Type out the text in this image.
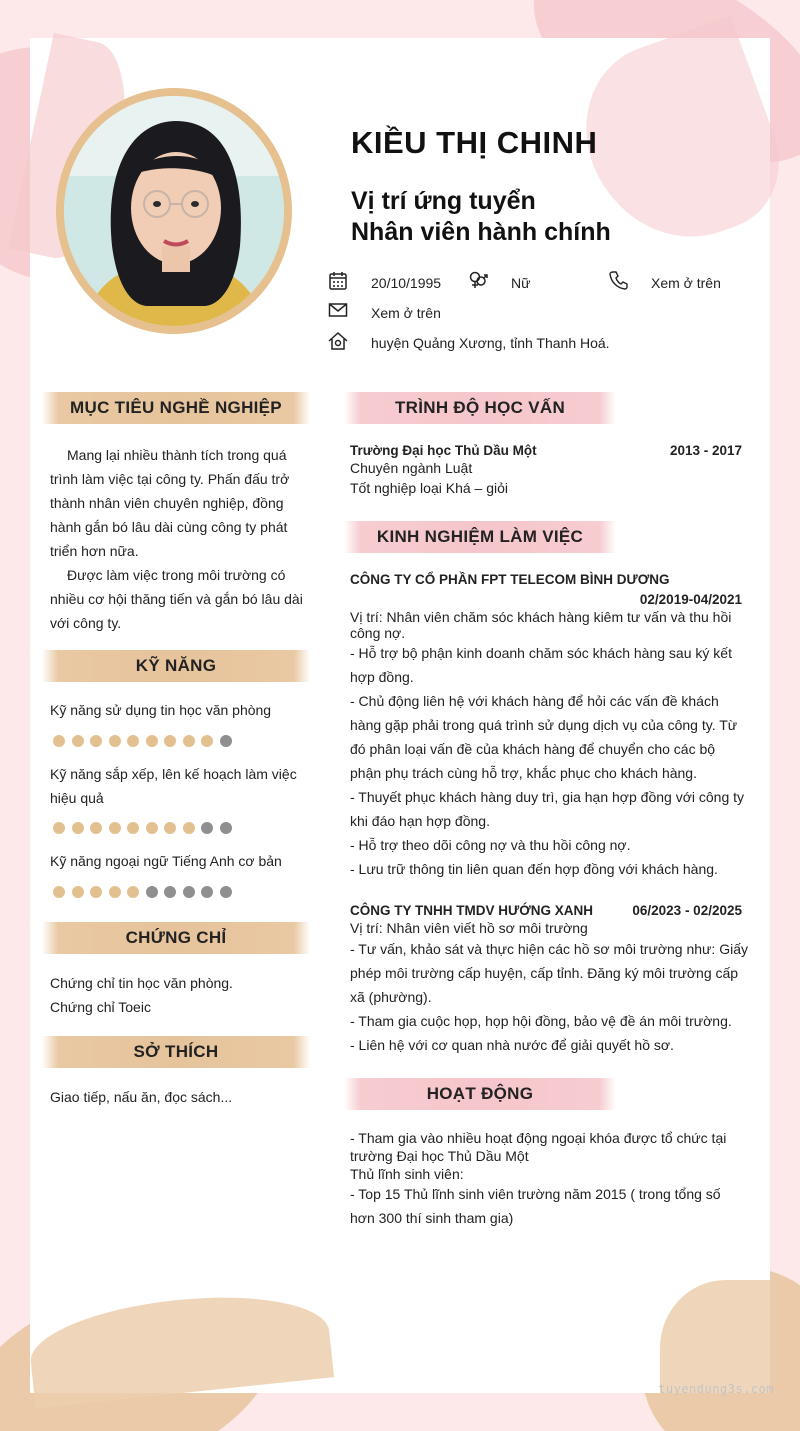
KIỀU THỊ CHINH
Vị trí ứng tuyển
Nhân viên hành chính
20/10/1995	Nữ	Xem ở trên
Xem ở trên
huyện Quảng Xương, tỉnh Thanh Hoá.
MỤC TIÊU NGHỀ NGHIỆP
Mang lại nhiều thành tích trong quá
trình làm việc tại công ty. Phấn đấu trở
thành nhân viên chuyên nghiệp, đồng
hành gắn bó lâu dài cùng công ty phát
triển hơn nữa.
Được làm việc trong môi trường có
nhiều cơ hội thăng tiến và gắn bó lâu dài
với công ty.
KỸ NĂNG
Kỹ năng sử dụng tin học văn phòng
Kỹ năng sắp xếp, lên kế hoạch làm việc
hiệu quả
Kỹ năng ngoại ngữ Tiếng Anh cơ bản
CHỨNG CHỈ
Chứng chỉ tin học văn phòng.
Chứng chỉ Toeic
SỞ THÍCH
Giao tiếp, nấu ăn, đọc sách...
TRÌNH ĐỘ HỌC VẤN
Trường Đại học Thủ Dầu Một	2013 - 2017
Chuyên ngành Luật
Tốt nghiệp loại Khá – giỏi
KINH NGHIỆM LÀM VIỆC
CÔNG TY CỔ PHẦN FPT TELECOM BÌNH DƯƠNG
02/2019-04/2021
Vị trí: Nhân viên chăm sóc khách hàng kiêm tư vấn và thu hồi
công nợ.
- Hỗ trợ bộ phận kinh doanh chăm sóc khách hàng sau ký kết
hợp đồng.
- Chủ động liên hệ với khách hàng để hỏi các vấn đề khách
hàng gặp phải trong quá trình sử dụng dịch vụ của công ty. Từ
đó phân loại vấn đề của khách hàng để chuyển cho các bộ
phận phụ trách cùng hỗ trợ, khắc phục cho khách hàng.
- Thuyết phục khách hàng duy trì, gia hạn hợp đồng với công ty
khi đáo hạn hợp đồng.
- Hỗ trợ theo dõi công nợ và thu hồi công nợ.
- Lưu trữ thông tin liên quan đến hợp đồng với khách hàng.
CÔNG TY TNHH TMDV HƯỚNG XANH	06/2023 - 02/2025
Vị trí: Nhân viên viết hồ sơ môi trường
- Tư vấn, khảo sát và thực hiện các hồ sơ môi trường như: Giấy
phép môi trường cấp huyện, cấp tỉnh. Đăng ký môi trường cấp
xã (phường).
- Tham gia cuộc họp, họp hội đồng, bảo vệ đề án môi trường.
- Liên hệ với cơ quan nhà nước để giải quyết hồ sơ.
HOẠT ĐỘNG
- Tham gia vào nhiều hoạt động ngoại khóa được tổ chức tại
trường Đại học Thủ Dầu Một
Thủ lĩnh sinh viên:
- Top 15 Thủ lĩnh sinh viên trường năm 2015 ( trong tổng số
hơn 300 thí sinh tham gia)
tuyendung3s.com
